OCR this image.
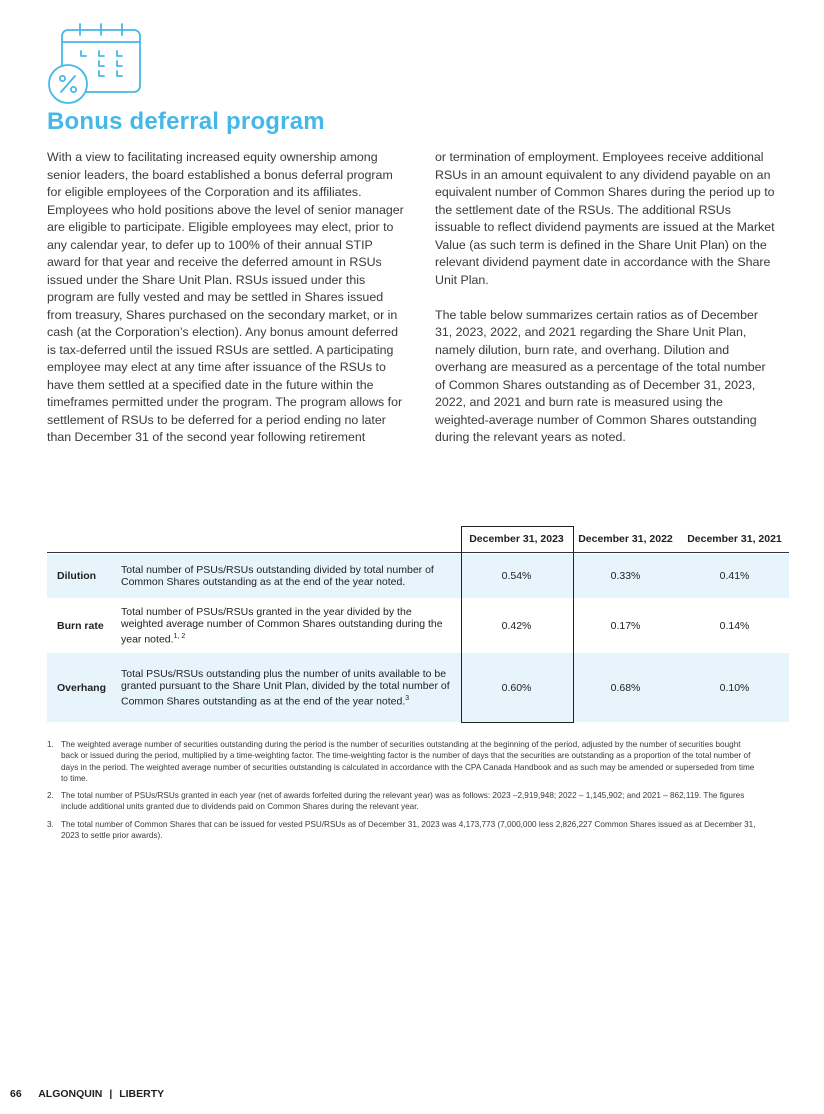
Bonus deferral program

With a view to facilitating increased equity ownership among senior leaders, the board established a bonus deferral program for eligible employees of the Corporation and its affiliates. Employees who hold positions above the level of senior manager are eligible to participate. Eligible employees may elect, prior to any calendar year, to defer up to 100% of their annual STIP award for that year and receive the deferred amount in RSUs issued under the Share Unit Plan. RSUs issued under this program are fully vested and may be settled in Shares issued from treasury, Shares purchased on the secondary market, or in cash (at the Corporation’s election). Any bonus amount deferred is tax-deferred until the issued RSUs are settled. A participating employee may elect at any time after issuance of the RSUs to have them settled at a specified date in the future within the timeframes permitted under the program. The program allows for settlement of RSUs to be deferred for a period ending no later than December 31 of the second year following retirement

or termination of employment. Employees receive additional RSUs in an amount equivalent to any dividend payable on an equivalent number of Common Shares during the period up to the settlement date of the RSUs. The additional RSUs issuable to reflect dividend payments are issued at the Market Value (as such term is defined in the Share Unit Plan) on the relevant dividend payment date in accordance with the Share Unit Plan.

The table below summarizes certain ratios as of December 31, 2023, 2022, and 2021 regarding the Share Unit Plan, namely dilution, burn rate, and overhang. Dilution and overhang are measured as a percentage of the total number of Common Shares outstanding as of December 31, 2023, 2022, and 2021 and burn rate is measured using the weighted-average number of Common Shares outstanding during the relevant years as noted.

		December 31, 2023	December 31, 2022	December 31, 2021

Dilution	Total number of PSUs/RSUs outstanding divided by total number of Common Shares outstanding as at the end of the year noted.	0.54%	0.33%	0.41%
Burn rate	Total number of PSUs/RSUs granted in the year divided by the weighted average number of Common Shares outstanding during the year noted.$^{1, 2}$	0.42%	0.17%	0.14%
Overhang	Total PSUs/RSUs outstanding plus the number of units available to be granted pursuant to the Share Unit Plan, divided by the total number of Common Shares outstanding as at the end of the year noted.$^3$	0.60%	0.68%	0.10%
1. The weighted average number of securities outstanding during the period is the number of securities outstanding at the beginning of the period, adjusted by the number of securities bought back or issued during the period, multiplied by a time-weighting factor. The time-weighting factor is the number of days that the securities are outstanding as a proportion of the total number of days in the period. The weighted average number of securities outstanding is calculated in accordance with the CPA Canada Handbook and as such may be amended or superseded from time to time.
2. The total number of PSUs/RSUs granted in each year (net of awards forfeited during the relevant year) was as follows: 2023 –2,919,948; 2022 – 1,145,902; and 2021 – 862,119. The figures include additional units granted due to dividends paid on Common Shares during the relevant year.
3. The total number of Common Shares that can be issued for vested PSU/RSUs as of December 31, 2023 was 4,173,773 (7,000,000 less 2,826,227 Common Shares issued as at December 31, 2023 to settle prior awards).
66 ALGONQUIN | LIBERTY
